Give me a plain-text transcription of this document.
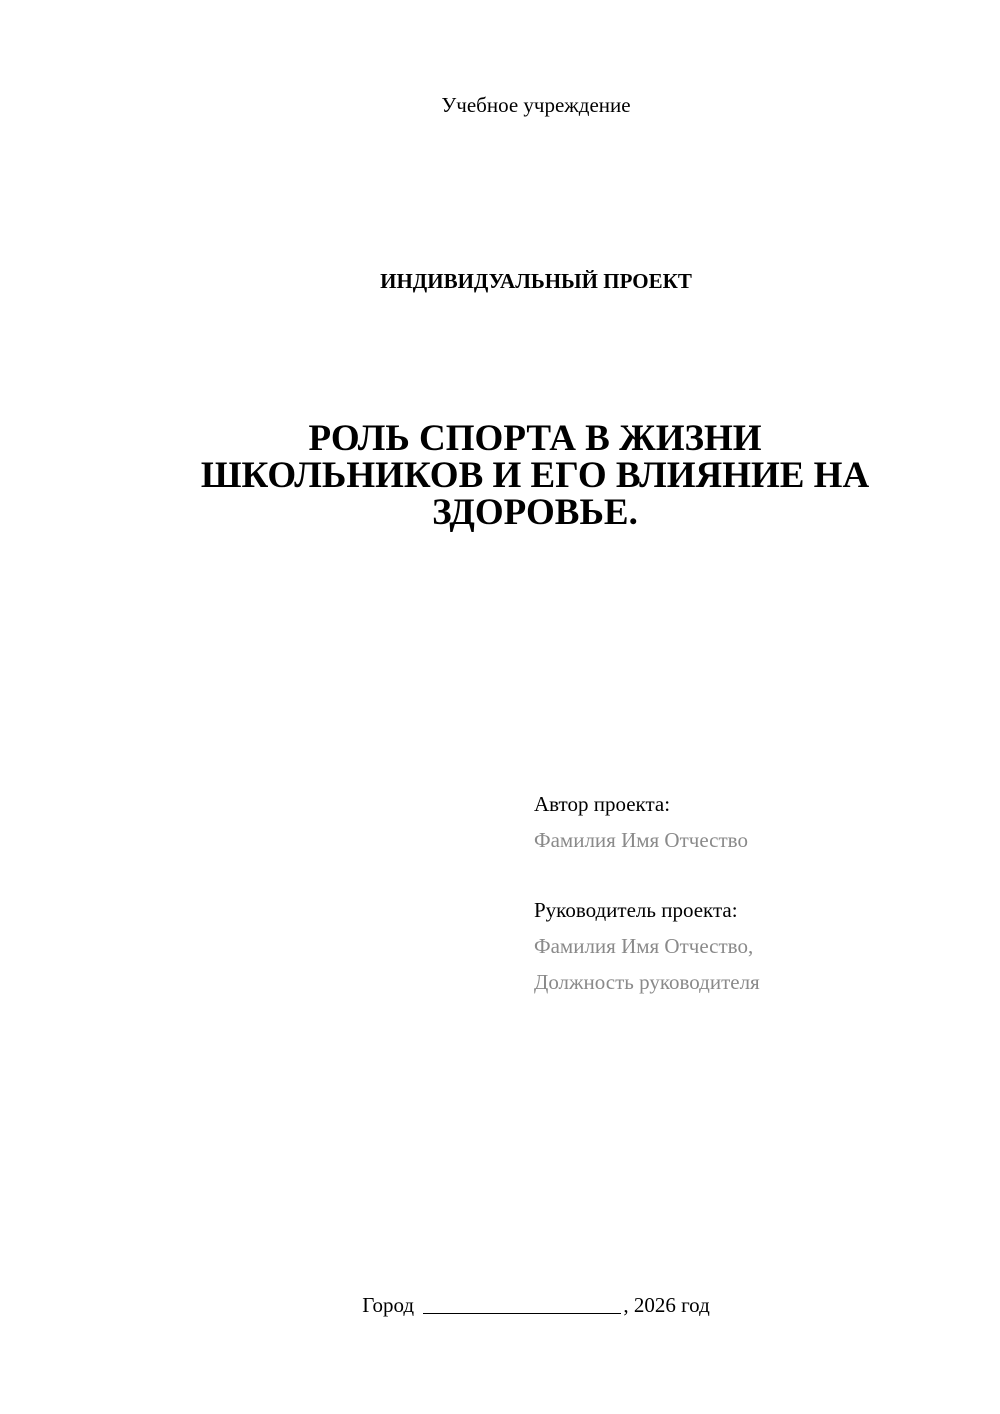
Учебное учреждение
ИНДИВИДУАЛЬНЫЙ ПРОЕКТ
РОЛЬ СПОРТА В ЖИЗНИ
ШКОЛЬНИКОВ И ЕГО ВЛИЯНИЕ НА
ЗДОРОВЬЕ.
Автор проекта:
Фамилия Имя Отчество
Руководитель проекта:
Фамилия Имя Отчество,
Должность руководителя
Город	, 2026 год
